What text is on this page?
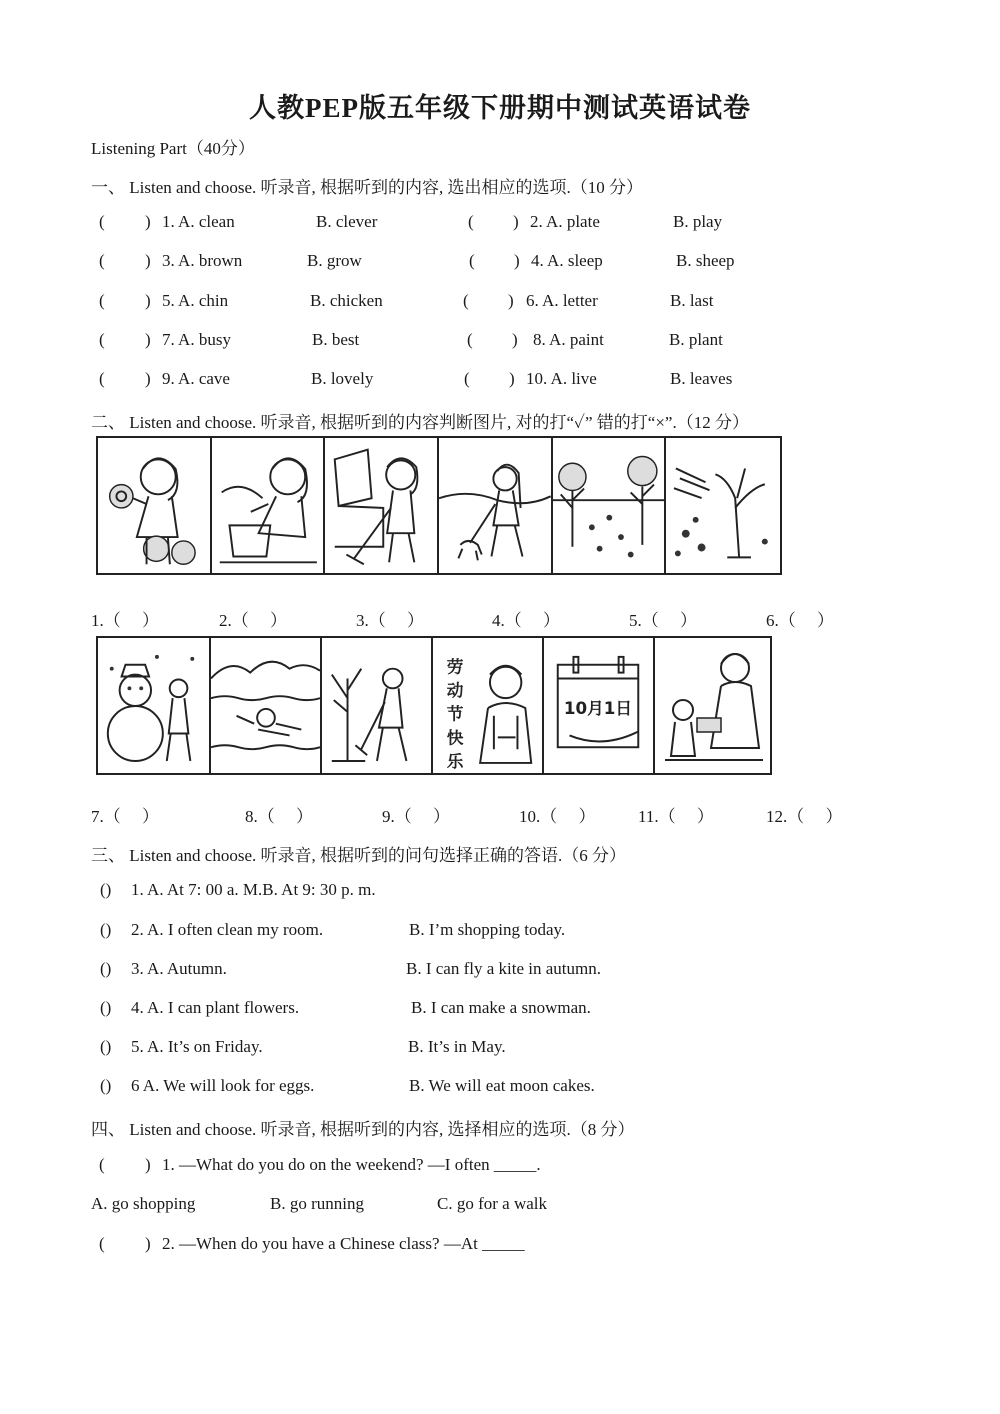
人教PEP版五年级下册期中测试英语试卷
Listening Part（40分）
一、 Listen and choose. 听录音, 根据听到的内容, 选出相应的选项.（10 分）
( ) 1. A. clean	B. clever	( ) 2. A. plate	B. play
( ) 3. A. brown	B. grow	( ) 4. A. sleep	B. sheep
( ) 5. A. chin	B. chicken	( ) 6. A. letter	B. last
( ) 7. A. busy	B. best	( ) 8. A. paint	B. plant
( ) 9. A. cave	B. lovely	( ) 10. A. live	B. leaves
二、 Listen and choose. 听录音, 根据听到的内容判断图片, 对的打“✓” 错的打“×”.（12 分）
1.（　 ）	2.（　 ）	3.（　 ）	4.（　 ）	5.（　 ）	6.（　 ）
劳
动
节
快
乐
10月1日
7.（　 ）	8.（　 ）	9.（　 ）	10.（　 ）	11.（　 ）	12.（　 ）
三、 Listen and choose. 听录音, 根据听到的问句选择正确的答语.（6 分）
() 1. A. At 7: 00 a. M.B. At 9: 30 p. m.
() 2. A. I often clean my room.	B. I’m shopping today.
() 3. A. Autumn.	B. I can fly a kite in autumn.
() 4. A. I can plant flowers.	B. I can make a snowman.
() 5. A. It’s on Friday.	B. It’s in May.
() 6 A. We will look for eggs.	B. We will eat moon cakes.
四、 Listen and choose. 听录音, 根据听到的内容, 选择相应的选项.（8 分）
( ) 1. —What do you do on the weekend? —I often _____.
A. go shopping	B. go running	C. go for a walk
( ) 2. —When do you have a Chinese class? —At _____
